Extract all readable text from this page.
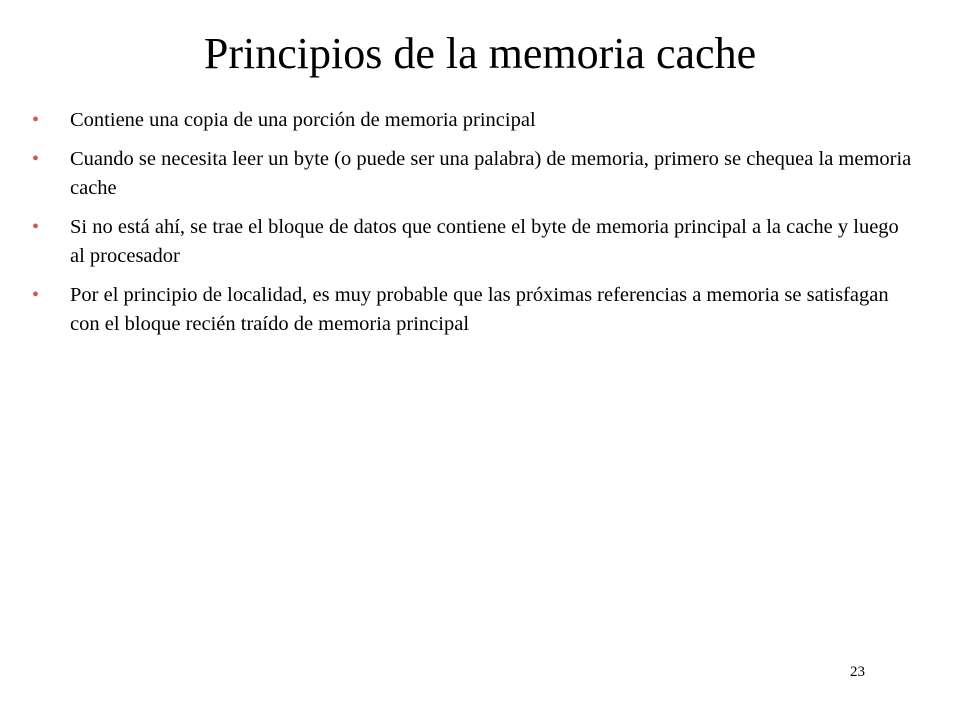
Principios de la memoria cache
• Contiene una copia de una porción de memoria principal
• Cuando se necesita leer un byte (o puede ser una palabra) de memoria, primero se chequea la memoria cache
• Si no está ahí, se trae el bloque de datos que contiene el byte de memoria principal a la cache y luego al procesador
• Por el principio de localidad, es muy probable que las próximas referencias a memoria se satisfagan con el bloque recién traído de memoria principal
23
